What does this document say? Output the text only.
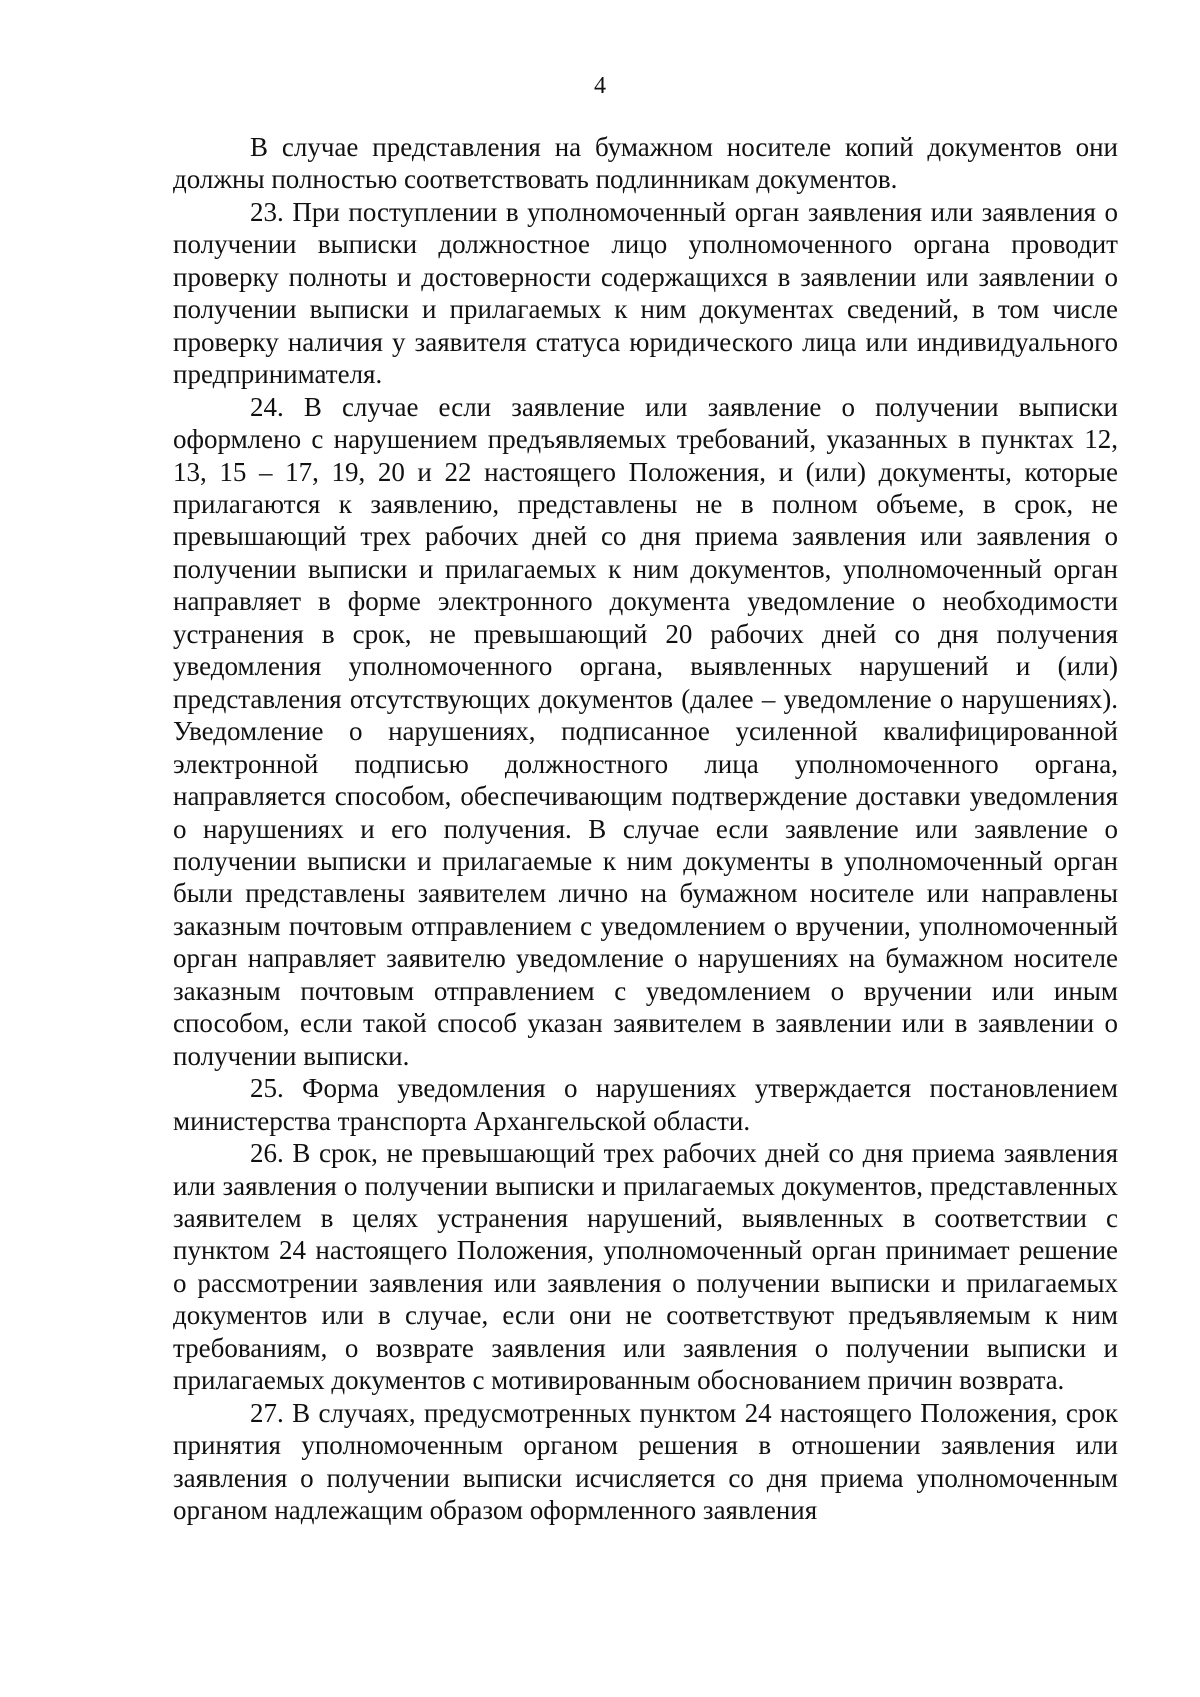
4

В случае представления на бумажном носителе копий документов они должны полностью соответствовать подлинникам документов.

23. При поступлении в уполномоченный орган заявления или заявления о получении выписки должностное лицо уполномоченного органа проводит проверку полноты и достоверности содержащихся в заявлении или заявлении о получении выписки и прилагаемых к ним документах сведений, в том числе проверку наличия у заявителя статуса юридического лица или индивидуального предпринимателя.

24. В случае если заявление или заявление о получении выписки оформлено с нарушением предъявляемых требований, указанных в пунктах 12, 13, 15 – 17, 19, 20 и 22 настоящего Положения, и (или) документы, которые прилагаются к заявлению, представлены не в полном объеме, в срок, не превышающий трех рабочих дней со дня приема заявления или заявления о получении выписки и прилагаемых к ним документов, уполномоченный орган направляет в форме электронного документа уведомление о необходимости устранения в срок, не превышающий 20 рабочих дней со дня получения уведомления уполномоченного органа, выявленных нарушений и (или) представления отсутствующих документов (далее – уведомление о нарушениях). Уведомление о нарушениях, подписанное усиленной квалифицированной электронной подписью должностного лица уполномоченного органа, направляется способом, обеспечивающим подтверждение доставки уведомления о нарушениях и его получения. В случае если заявление или заявление о получении выписки и прилагаемые к ним документы в уполномоченный орган были представлены заявителем лично на бумажном носителе или направлены заказным почтовым отправлением с уведомлением о вручении, уполномоченный орган направляет заявителю уведомление о нарушениях на бумажном носителе заказным почтовым отправлением с уведомлением о вручении или иным способом, если такой способ указан заявителем в заявлении или в заявлении о получении выписки.

25. Форма уведомления о нарушениях утверждается постановлением министерства транспорта Архангельской области.

26. В срок, не превышающий трех рабочих дней со дня приема заявления или заявления о получении выписки и прилагаемых документов, представленных заявителем в целях устранения нарушений, выявленных в соответствии с пунктом 24 настоящего Положения, уполномоченный орган принимает решение о рассмотрении заявления или заявления о получении выписки и прилагаемых документов или в случае, если они не соответствуют предъявляемым к ним требованиям, о возврате заявления или заявления о получении выписки и прилагаемых документов с мотивированным обоснованием причин возврата.

27. В случаях, предусмотренных пунктом 24 настоящего Положения, срок принятия уполномоченным органом решения в отношении заявления или заявления о получении выписки исчисляется со дня приема уполномоченным органом надлежащим образом оформленного заявления
